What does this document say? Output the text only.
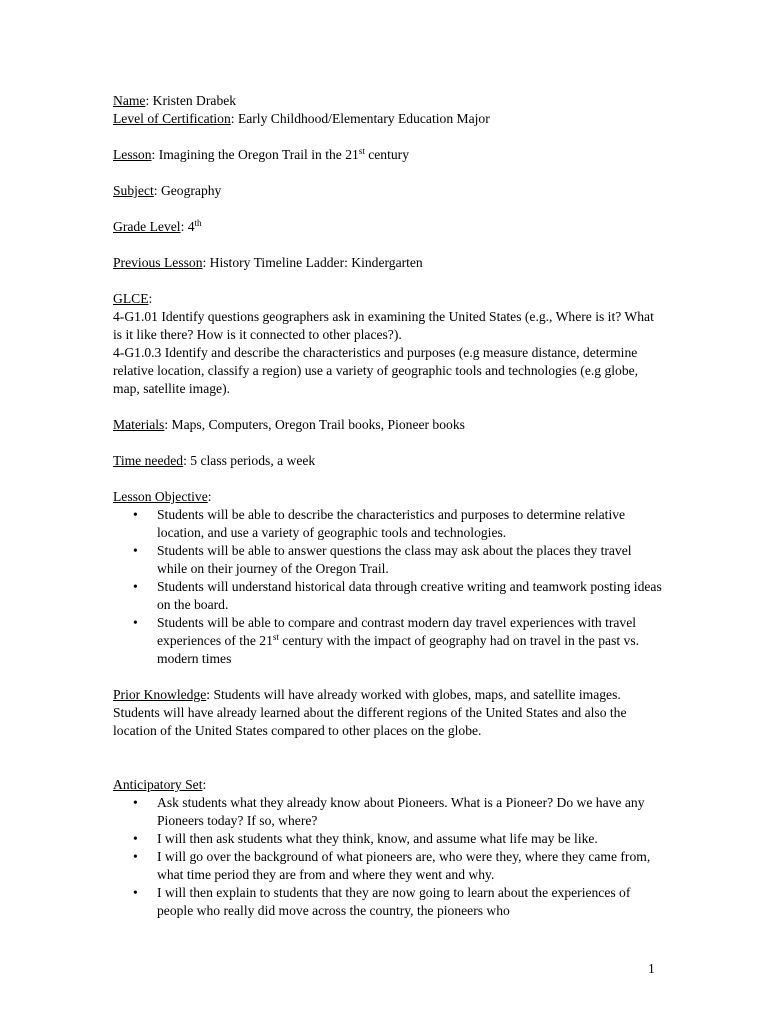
Name: Kristen Drabek

Level of Certification: Early Childhood/Elementary Education Major

Lesson: Imagining the Oregon Trail in the 21st century

Subject: Geography

Grade Level: 4th

Previous Lesson: History Timeline Ladder: Kindergarten

GLCE:

4-G1.01 Identify questions geographers ask in examining the United States (e.g., Where is it? What is it like there? How is it connected to other places?).

4-G1.0.3 Identify and describe the characteristics and purposes (e.g measure distance, determine relative location, classify a region) use a variety of geographic tools and technologies (e.g globe, map, satellite image).

Materials: Maps, Computers, Oregon Trail books, Pioneer books

Time needed: 5 class periods, a week

Lesson Objective:

• Students will be able to describe the characteristics and purposes to determine relative location, and use a variety of geographic tools and technologies.
• Students will be able to answer questions the class may ask about the places they travel while on their journey of the Oregon Trail.
• Students will understand historical data through creative writing and teamwork posting ideas on the board.
• Students will be able to compare and contrast modern day travel experiences with travel experiences of the 21st century with the impact of geography had on travel in the past vs. modern times

Prior Knowledge: Students will have already worked with globes, maps, and satellite images. Students will have already learned about the different regions of the United States and also the location of the United States compared to other places on the globe.

Anticipatory Set:

• Ask students what they already know about Pioneers. What is a Pioneer? Do we have any Pioneers today? If so, where?
• I will then ask students what they think, know, and assume what life may be like.
• I will go over the background of what pioneers are, who were they, where they came from, what time period they are from and where they went and why.
• I will then explain to students that they are now going to learn about the experiences of people who really did move across the country, the pioneers who
1
